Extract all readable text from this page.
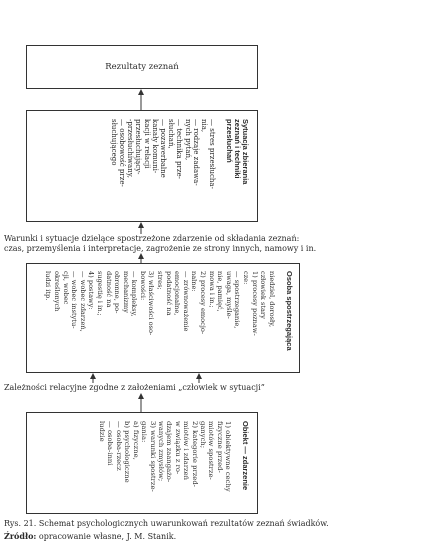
Rezultaty zeznań
Sytuacja zbierania
zeznań i techniki
przesłuchań

— stres przesłucha-
nia,
— rodzaje zadawa-
nych pytań,
— technika prze-
słuchań,
— pozawerbalne
kanały komuni-
kacji w relacji
przesłuchujący-
-przesłuchiwany,
— osobowość prze-
słuchującego
Warunki i sytuacje dzielące spostrzeżone zdarzenie od składania zeznań:
czas, przemyślenia i interpretacje, zagrożenie ze strony innych, namowy i in.
Osoba spostrzegająca

niedziel, dorosły,
człowiek stary
1) procesy poznaw-
cze:
— spostrzeganie,
uwaga, myśle-
nie, pamięć,
mowa i in.;
2) procesy emocjo-
nalne:
— zrównoważenie
emocjonalne,
podatność na
stres;
3) właściwości oso-
bowości:
— kompleksy,
mechanizmy
obronne, po-
datność na
sugestię i in.;
4) postawy:
— wobec zdarzeń,
— wobec instytu-
cji, wobec
określonych
ludzi itp.
Zależności relacyjne zgodne z założeniami „człowiek w sytuacji”
Obiekt — zdarzenie

1) obiektywne cechy
fizyczne przed-
miotów spostrze-
ganych;
2) kategorie przed-
miotów i zdarzeń
w związku z ro-
dzajem zaangażo-
wanych zmysłów;
3) warunki spostrze-
gania:
a) fizyczne,
b) psychologiczne
— osoba-rzecz
— osoba-inni
ludzie
Rys. 21. Schemat psychologicznych uwarunkowań rezultatów zeznań świadków.
Źródło: opracowanie własne, J. M. Stanik.
